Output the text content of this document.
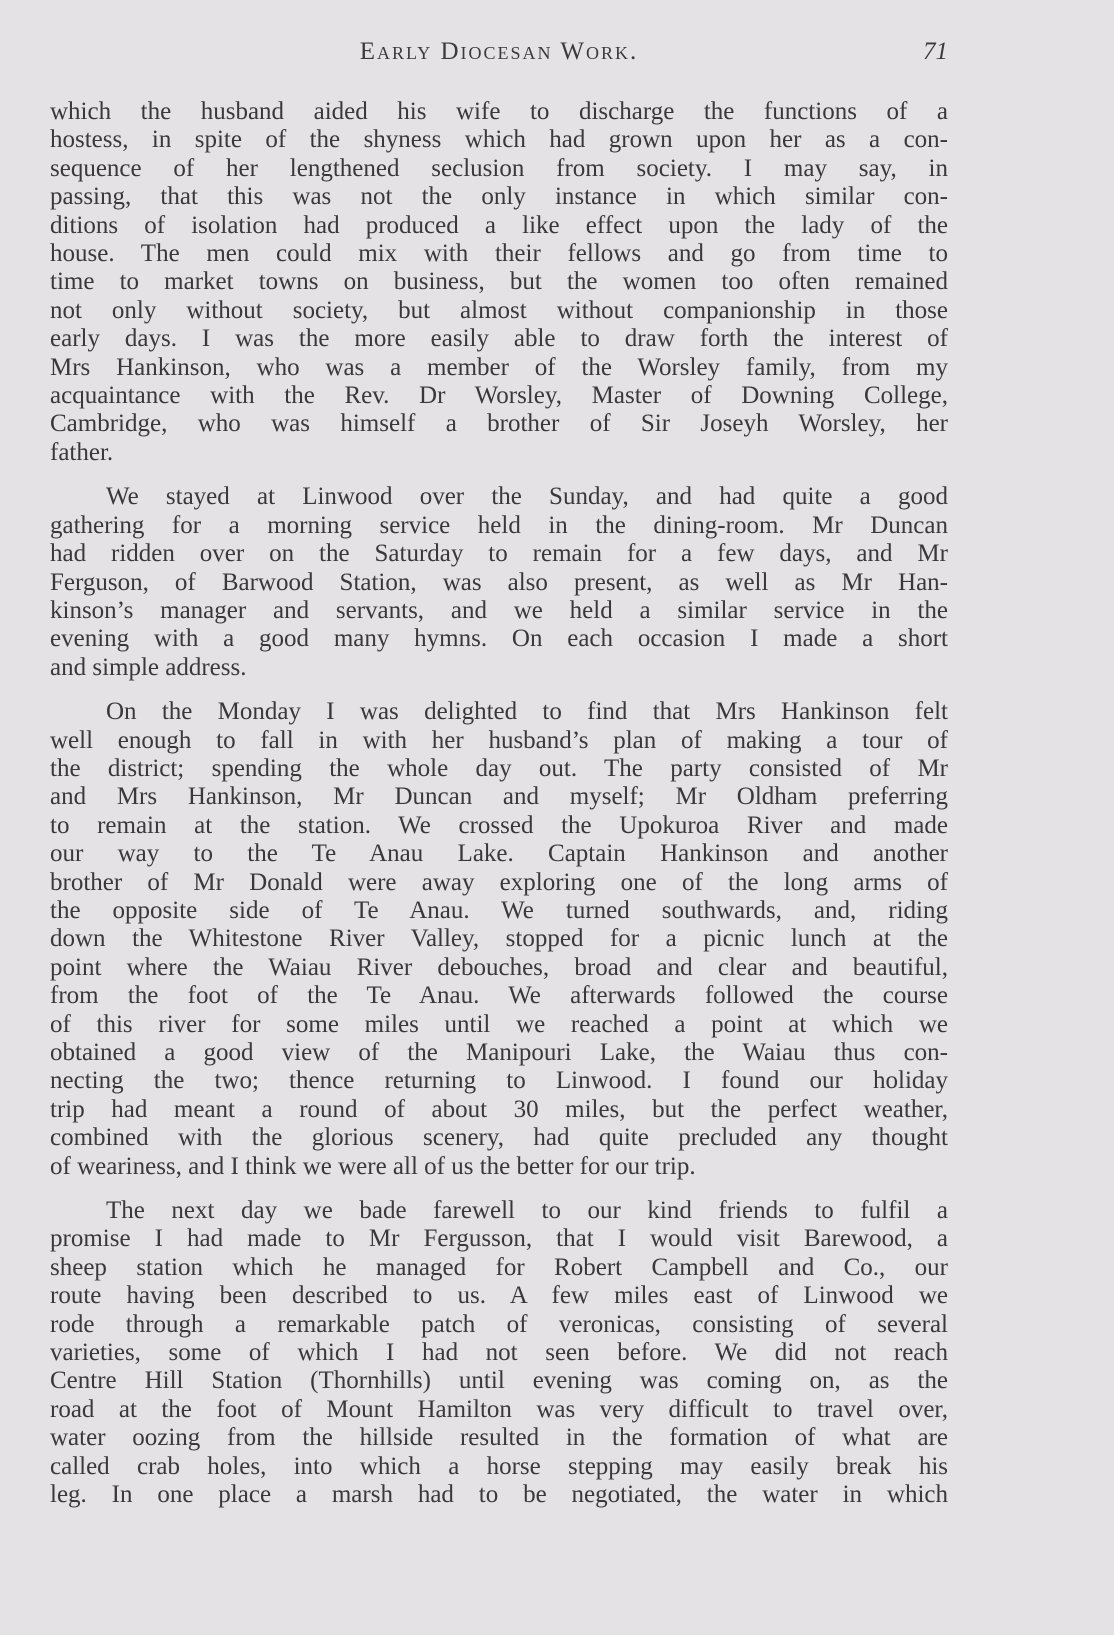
Early Diocesan Work.	71

which the husband aided his wife to discharge the functions of a

hostess, in spite of the shyness which had grown upon her as a con-

sequence of her lengthened seclusion from society. I may say, in

passing, that this was not the only instance in which similar con-

ditions of isolation had produced a like effect upon the lady of the

house. The men could mix with their fellows and go from time to

time to market towns on business, but the women too often remained

not only without society, but almost without companionship in those

early days. I was the more easily able to draw forth the interest of

Mrs Hankinson, who was a member of the Worsley family, from my

acquaintance with the Rev. Dr Worsley, Master of Downing College,

Cambridge, who was himself a brother of Sir Joseyh Worsley, her

father.

We stayed at Linwood over the Sunday, and had quite a good

gathering for a morning service held in the dining-room. Mr Duncan

had ridden over on the Saturday to remain for a few days, and Mr

Ferguson, of Barwood Station, was also present, as well as Mr Han-

kinson’s manager and servants, and we held a similar service in the

evening with a good many hymns. On each occasion I made a short

and simple address.

On the Monday I was delighted to find that Mrs Hankinson felt

well enough to fall in with her husband’s plan of making a tour of

the district; spending the whole day out. The party consisted of Mr

and Mrs Hankinson, Mr Duncan and myself; Mr Oldham preferring

to remain at the station. We crossed the Upokuroa River and made

our way to the Te Anau Lake. Captain Hankinson and another

brother of Mr Donald were away exploring one of the long arms of

the opposite side of Te Anau. We turned southwards, and, riding

down the Whitestone River Valley, stopped for a picnic lunch at the

point where the Waiau River debouches, broad and clear and beautiful,

from the foot of the Te Anau. We afterwards followed the course

of this river for some miles until we reached a point at which we

obtained a good view of the Manipouri Lake, the Waiau thus con-

necting the two; thence returning to Linwood. I found our holiday

trip had meant a round of about 30 miles, but the perfect weather,

combined with the glorious scenery, had quite precluded any thought

of weariness, and I think we were all of us the better for our trip.

The next day we bade farewell to our kind friends to fulfil a

promise I had made to Mr Fergusson, that I would visit Barewood, a

sheep station which he managed for Robert Campbell and Co., our

route having been described to us. A few miles east of Linwood we

rode through a remarkable patch of veronicas, consisting of several

varieties, some of which I had not seen before. We did not reach

Centre Hill Station (Thornhills) until evening was coming on, as the

road at the foot of Mount Hamilton was very difficult to travel over,

water oozing from the hillside resulted in the formation of what are

called crab holes, into which a horse stepping may easily break his

leg. In one place a marsh had to be negotiated, the water in which
